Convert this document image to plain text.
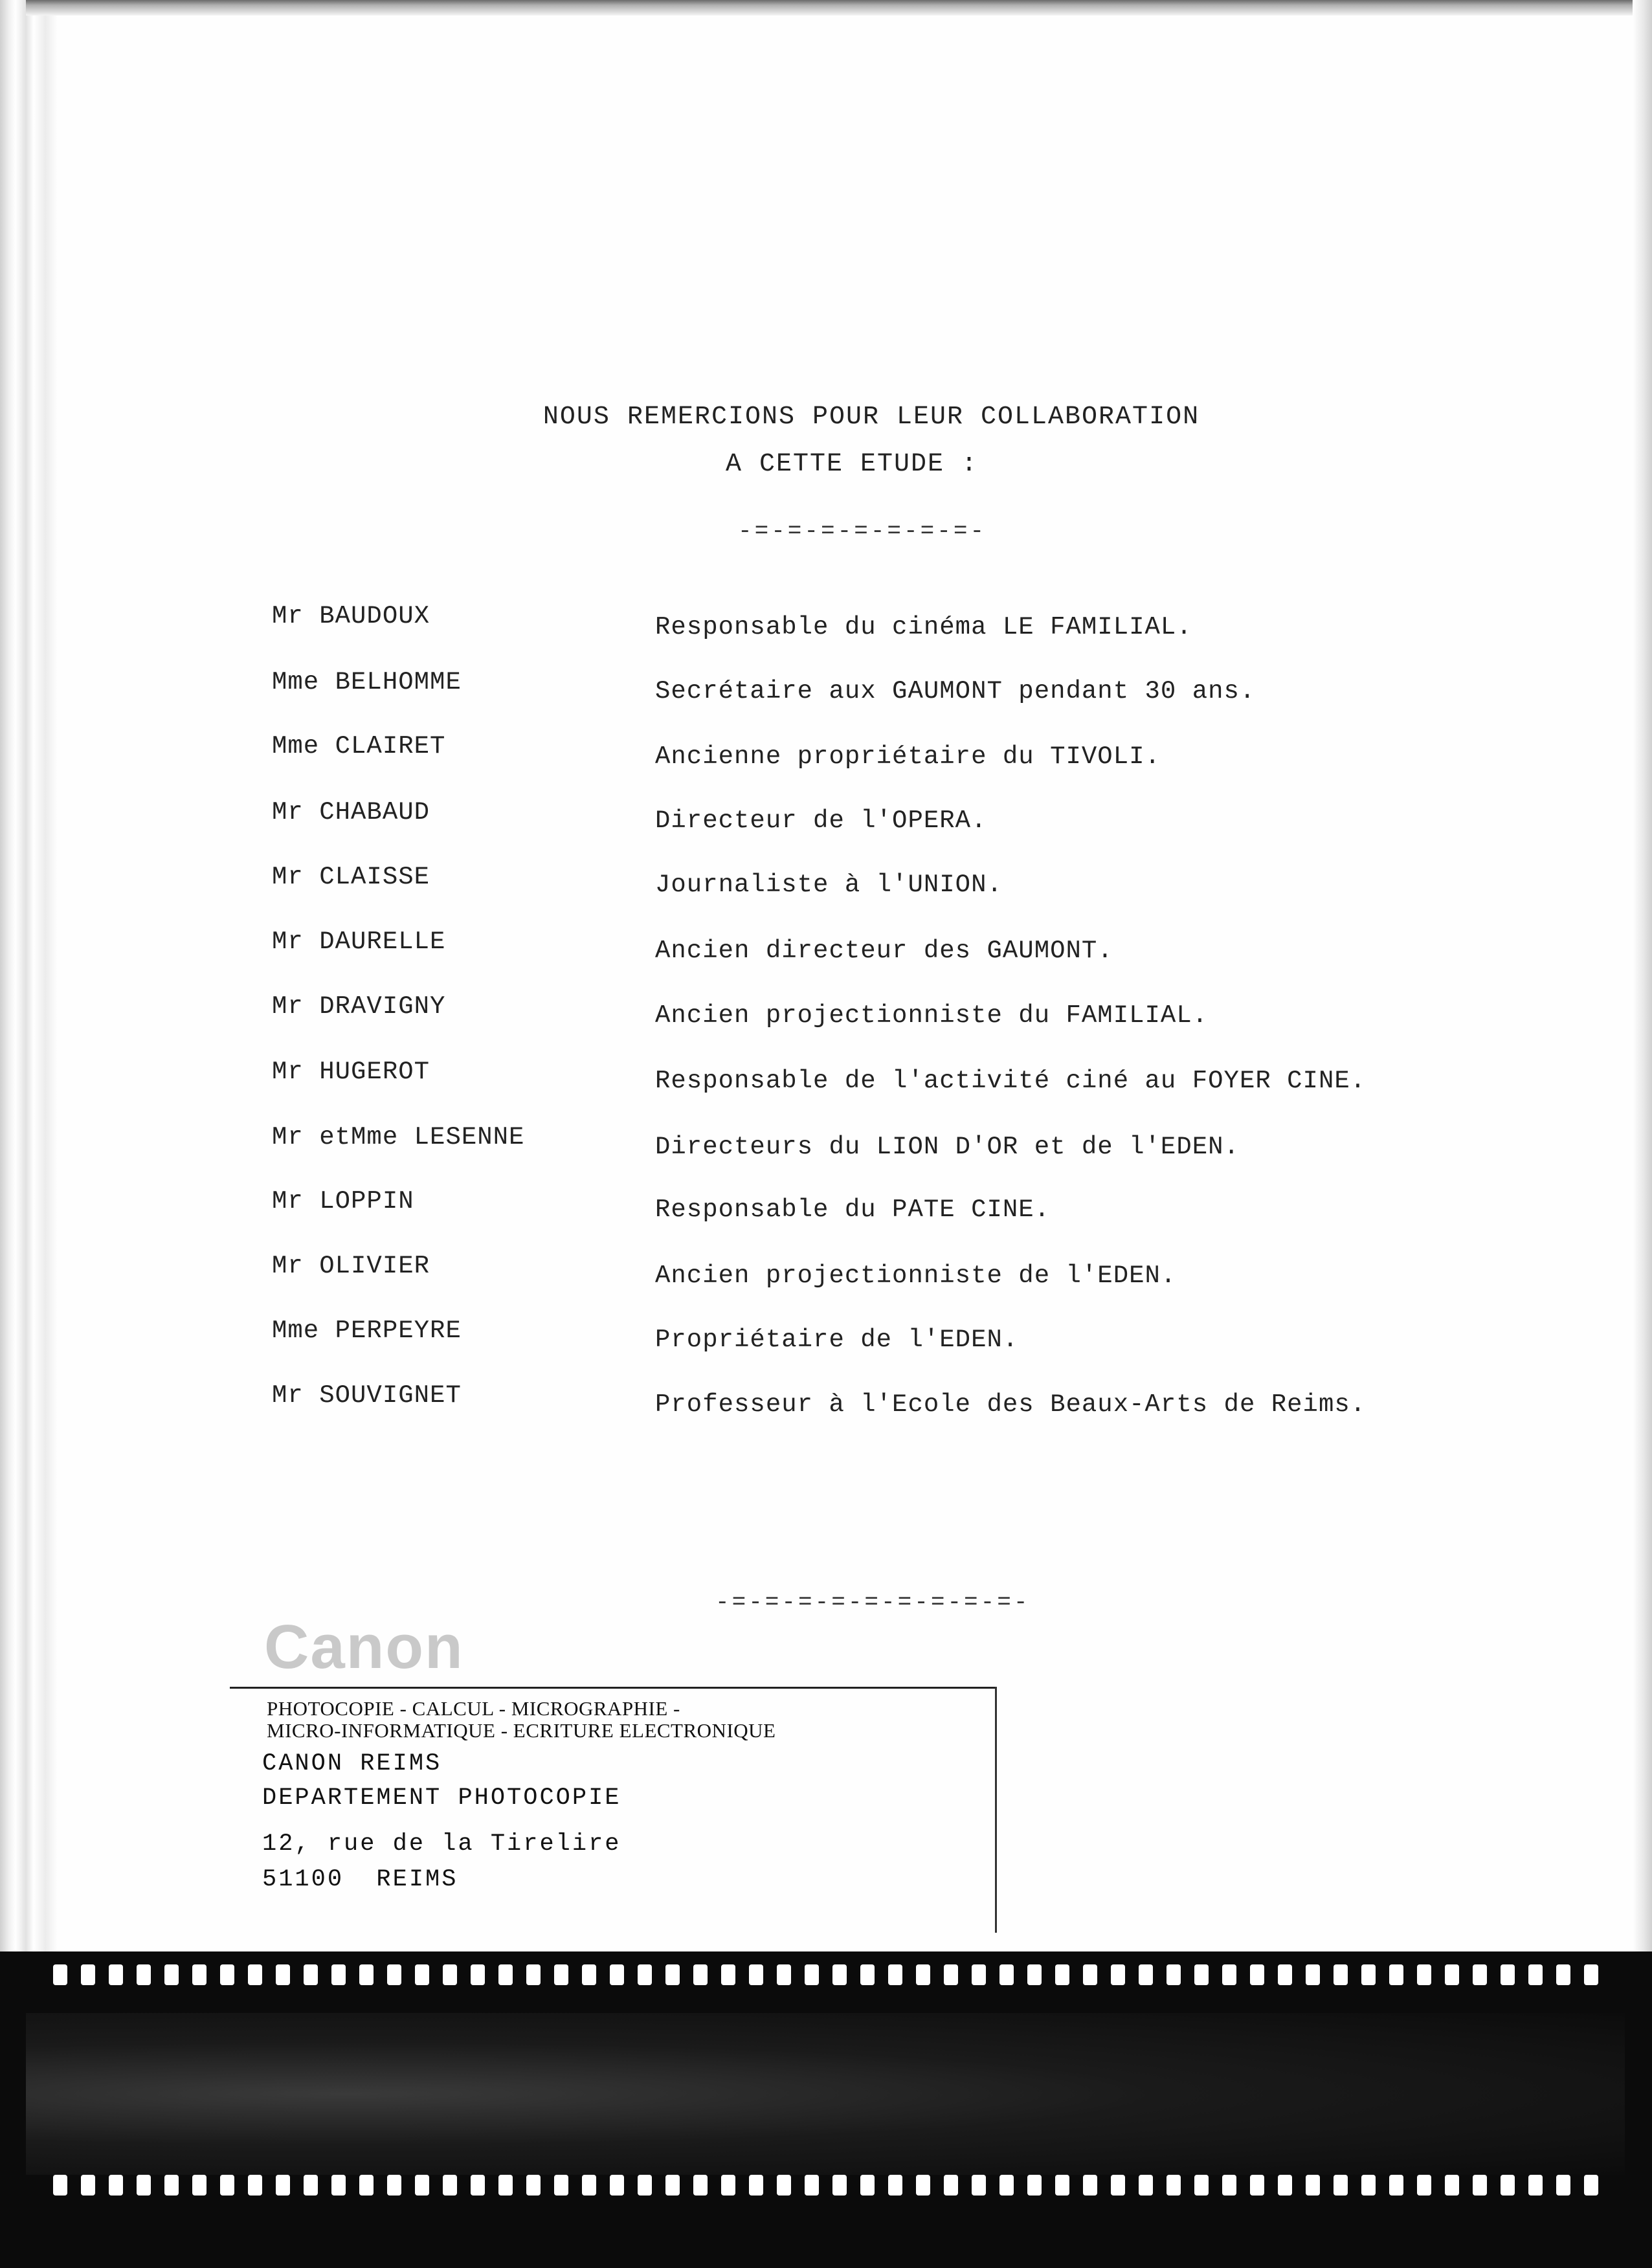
NOUS REMERCIONS POUR LEUR COLLABORATION
A CETTE ETUDE :
-=-=-=-=-=-=-=-
Mr BAUDOUX	Responsable du cinéma LE FAMILIAL.
Mme BELHOMME	Secrétaire aux GAUMONT pendant 30 ans.
Mme CLAIRET	Ancienne propriétaire du TIVOLI.
Mr CHABAUD	Directeur de l'OPERA.
Mr CLAISSE	Journaliste à l'UNION.
Mr DAURELLE	Ancien directeur des GAUMONT.
Mr DRAVIGNY	Ancien projectionniste du FAMILIAL.
Mr HUGEROT	Responsable de l'activité ciné au FOYER CINE.
Mr etMme LESENNE	Directeurs du LION D'OR et de l'EDEN.
Mr LOPPIN	Responsable du PATE CINE.
Mr OLIVIER	Ancien projectionniste de l'EDEN.
Mme PERPEYRE	Propriétaire de l'EDEN.
Mr SOUVIGNET	Professeur à l'Ecole des Beaux-Arts de Reims.
-=-=-=-=-=-=-=-=-=-
Canon
PHOTOCOPIE - CALCUL - MICROGRAPHIE -
MICRO-INFORMATIQUE - ECRITURE ELECTRONIQUE
CANON REIMS
DEPARTEMENT PHOTOCOPIE
12, rue de la Tirelire
51100  REIMS
